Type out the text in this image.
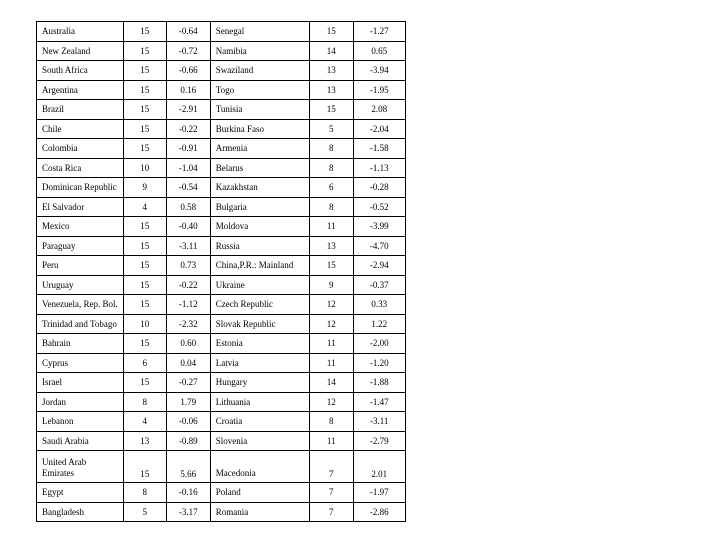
Australia	15	-0.64	Senegal	15	-1.27
New Zealand	15	-0.72	Namibia	14	0.65
South Africa	15	-0.66	Swaziland	13	-3.94
Argentina	15	0.16	Togo	13	-1.95
Brazil	15	-2.91	Tunisia	15	2.08
Chile	15	-0.22	Burkina Faso	5	-2.04
Colombia	15	-0.91	Armenia	8	-1.58
Costa Rica	10	-1.04	Belarus	8	-1.13
Dominican Republic	9	-0.54	Kazakhstan	6	-0.28
El Salvador	4	0.58	Bulgaria	8	-0.52
Mexico	15	-0.40	Moldova	11	-3.99
Paraguay	15	-3.11	Russia	13	-4.70
Peru	15	0.73	China,P.R.: Mainland	15	-2.94
Uruguay	15	-0.22	Ukraine	9	-0.37
Venezuela, Rep. Bol.	15	-1.12	Czech Republic	12	0.33
Trinidad and Tobago	10	-2.32	Slovak Republic	12	1.22
Bahrain	15	0.60	Estonia	11	-2.00
Cyprus	6	0.04	Latvia	11	-1.20
Israel	15	-0.27	Hungary	14	-1.88
Jordan	8	1.79	Lithuania	12	-1.47
Lebanon	4	-0.06	Croatia	8	-3.11
Saudi Arabia	13	-0.89	Slovenia	11	-2.79
United Arab Emirates	15	5.66	Macedonia	7	2.01
Egypt	8	-0.16	Poland	7	-1.97
Bangladesh	5	-3.17	Romania	7	-2.86
